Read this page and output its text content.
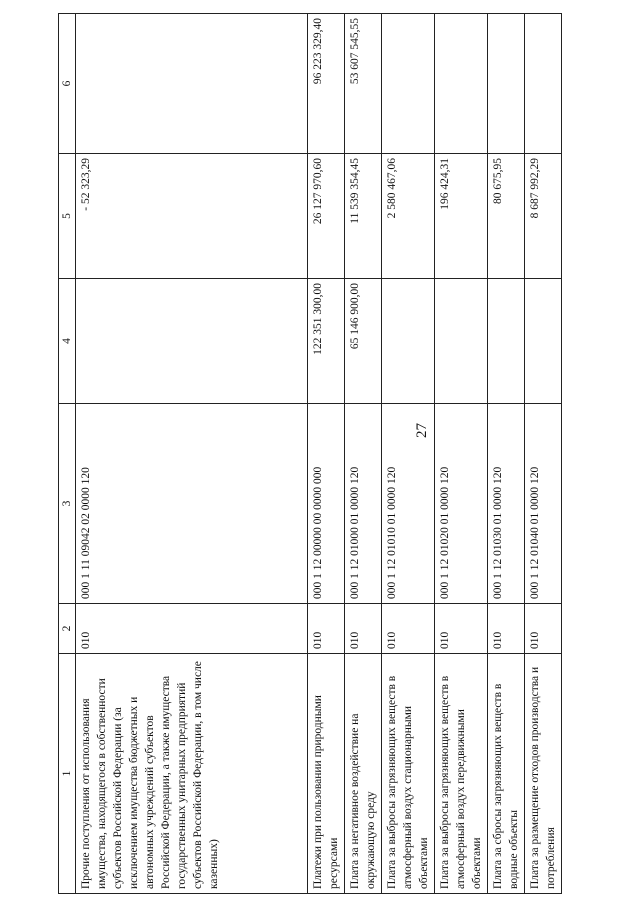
27
1	2	3	4	5	6
Прочие поступления от использования имущества, находящегося в собственности субъектов Российской Федерации (за исключением имущества бюджетных и автономных учреждений субъектов Российской Федерации, а также имущества государственных унитарных предприятий субъектов Российской Федерации, в том числе казенных)	010	000 1 11 09042 02 0000 120		- 52 323,29	
Платежи при пользовании природными ресурсами	010	000 1 12 00000 00 0000 000	122 351 300,00	26 127 970,60	96 223 329,40
Плата за негативное воздействие на окружающую среду	010	000 1 12 01000 01 0000 120	65 146 900,00	11 539 354,45	53 607 545,55
Плата за выбросы загрязняющих веществ в атмосферный воздух стационарными объектами	010	000 1 12 01010 01 0000 120		2 580 467,06	
Плата за выбросы загрязняющих веществ в атмосферный воздух передвижными объектами	010	000 1 12 01020 01 0000 120		196 424,31	
Плата за сбросы загрязняющих веществ в водные объекты	010	000 1 12 01030 01 0000 120		80 675,95	
Плата за размещение отходов производства и потребления	010	000 1 12 01040 01 0000 120		8 687 992,29	
